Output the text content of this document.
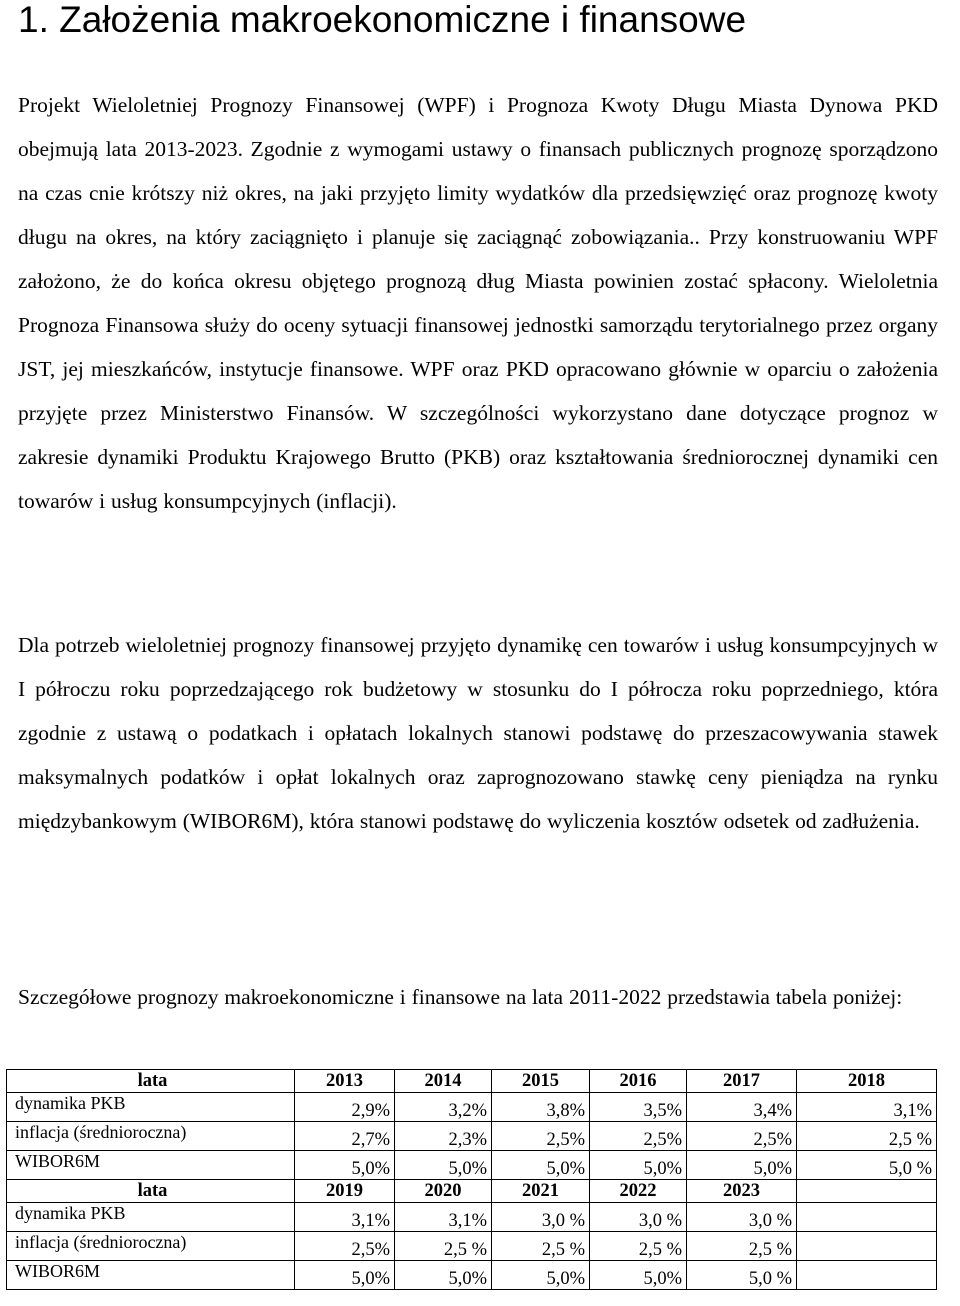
1. Założenia makroekonomiczne i finansowe

Projekt Wieloletniej Prognozy Finansowej (WPF) i Prognoza Kwoty Długu Miasta Dynowa PKD obejmują lata 2013-2023. Zgodnie z wymogami ustawy o finansach publicznych prognozę sporządzono na czas cnie krótszy niż okres, na jaki przyjęto limity wydatków dla przedsięwzięć oraz prognozę kwoty długu na okres, na który zaciągnięto i planuje się zaciągnąć zobowiązania.. Przy konstruowaniu WPF założono, że do końca okresu objętego prognozą dług Miasta powinien zostać spłacony. Wieloletnia Prognoza Finansowa służy do oceny sytuacji finansowej jednostki samorządu terytorialnego przez organy JST, jej mieszkańców, instytucje finansowe. WPF oraz PKD opracowano głównie w oparciu o założenia przyjęte przez Ministerstwo Finansów. W szczególności wykorzystano dane dotyczące prognoz w zakresie dynamiki Produktu Krajowego Brutto (PKB) oraz kształtowania średniorocznej dynamiki cen towarów i usług konsumpcyjnych (inflacji).

Dla potrzeb wieloletniej prognozy finansowej przyjęto dynamikę cen towarów i usług konsumpcyjnych w I półroczu roku poprzedzającego rok budżetowy w stosunku do I półrocza roku poprzedniego, która zgodnie z ustawą o podatkach i opłatach lokalnych stanowi podstawę do przeszacowywania stawek maksymalnych podatków i opłat lokalnych oraz zaprognozowano stawkę ceny pieniądza na rynku międzybankowym (WIBOR6M), która stanowi podstawę do wyliczenia kosztów odsetek od zadłużenia.

Szczegółowe prognozy makroekonomiczne i finansowe na lata 2011-2022 przedstawia tabela poniżej:

lata	2013	2014	2015	2016	2017	2018
dynamika PKB	2,9%	3,2%	3,8%	3,5%	3,4%	3,1%
inflacja (średnioroczna)	2,7%	2,3%	2,5%	2,5%	2,5%	2,5 %
WIBOR6M	5,0%	5,0%	5,0%	5,0%	5,0%	5,0 %
lata	2019	2020	2021	2022	2023	
dynamika PKB	3,1%	3,1%	3,0 %	3,0 %	3,0 %	
inflacja (średnioroczna)	2,5%	2,5 %	2,5 %	2,5 %	2,5 %	
WIBOR6M	5,0%	5,0%	5,0%	5,0%	5,0 %	
